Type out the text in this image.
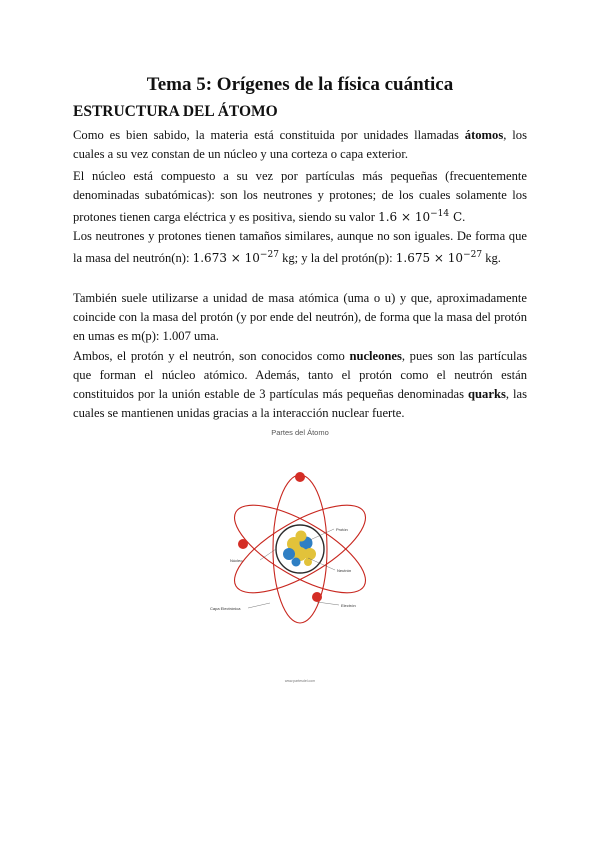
Tema 5: Orígenes de la física cuántica
ESTRUCTURA DEL ÁTOMO

Como es bien sabido, la materia está constituida por unidades llamadas átomos, los cuales a su vez constan de un núcleo y una corteza o capa exterior.

El núcleo está compuesto a su vez por partículas más pequeñas (frecuentemente denominadas subatómicas): son los neutrones y protones; de los cuales solamente los protones tienen carga eléctrica y es positiva, siendo su valor $1.6 \times 10^{-14}$ C.

Los neutrones y protones tienen tamaños similares, aunque no son iguales. De forma que la masa del neutrón(n): $1.673 \times 10^{-27}$ kg; y la del protón(p): $1.675 \times 10^{-27}$ kg.

También suele utilizarse a unidad de masa atómica (uma o u) y que, aproximadamente coincide con la masa del protón (y por ende del neutrón), de forma que la masa del protón en umas es m(p): 1.007 uma.

Ambos, el protón y el neutrón, son conocidos como nucleones, pues son las partículas que forman el núcleo atómico. Además, tanto el protón como el neutrón están constituidos por la unión estable de 3 partículas más pequeñas denominadas quarks, las cuales se mantienen unidas gracias a la interacción nuclear fuerte.

Partes del Átomo
Protón
Neutrón
Núcleo
Electrón
Capa Electrónica
www.partesdel.com
